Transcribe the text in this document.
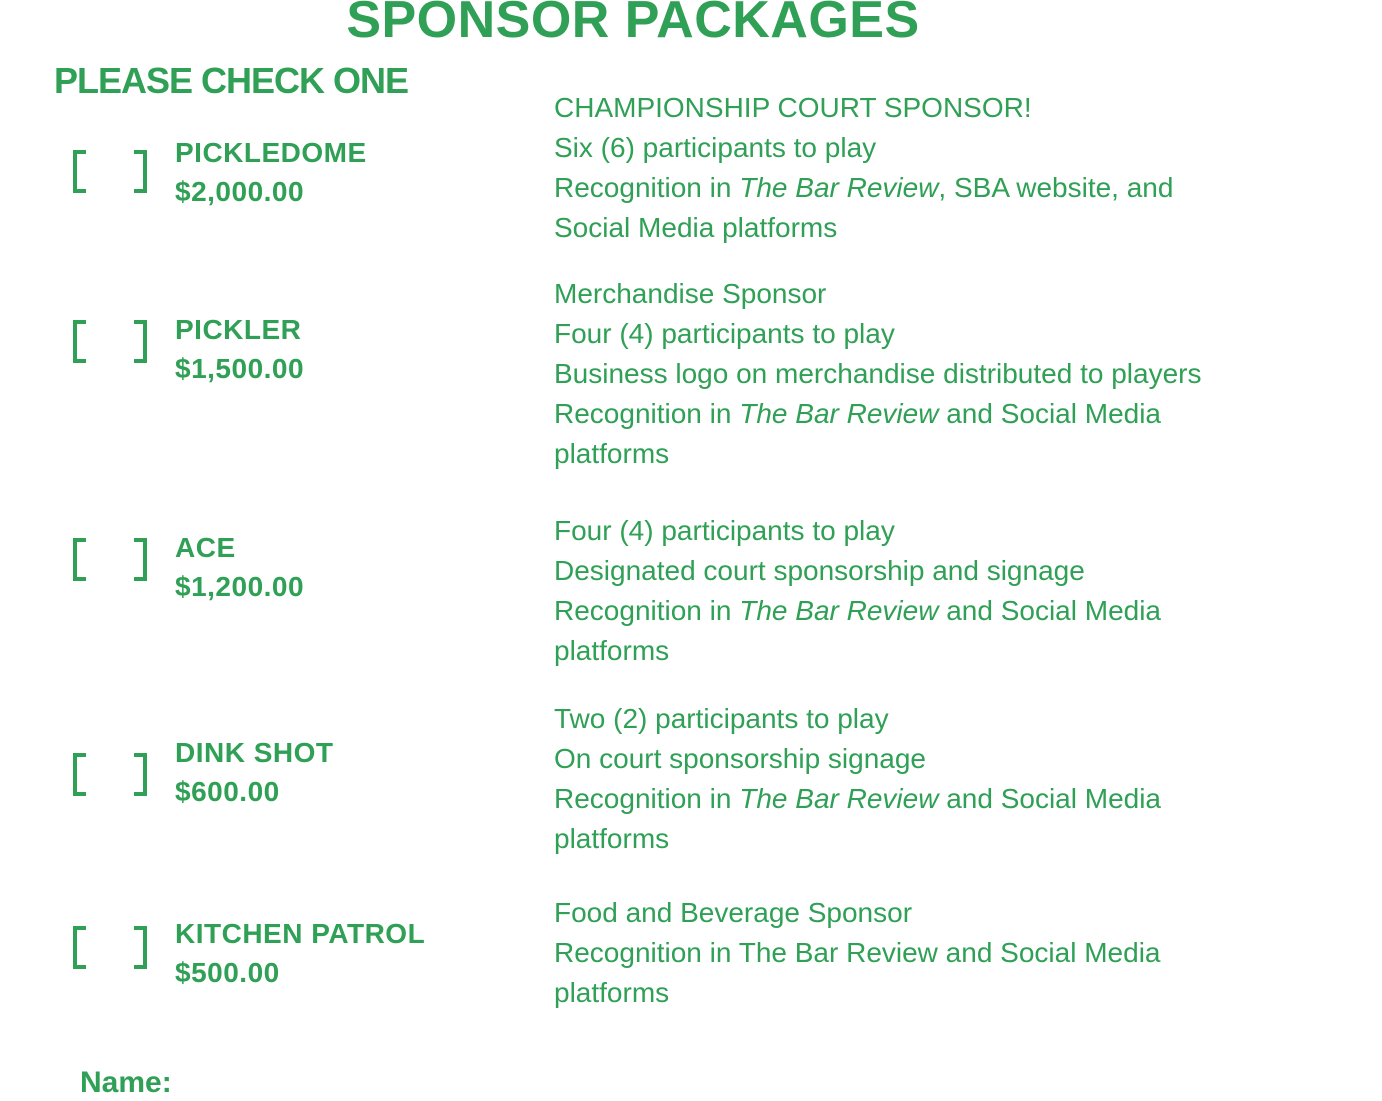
SPONSOR PACKAGES
PLEASE CHECK ONE
PICKLEDOME
$2,000.00
PICKLER
$1,500.00
ACE
$1,200.00
DINK SHOT
$600.00
KITCHEN PATROL
$500.00
CHAMPIONSHIP COURT SPONSOR!
Six (6) participants to play
Recognition in The Bar Review, SBA website, and
Social Media platforms
Merchandise Sponsor
Four (4) participants to play
Business logo on merchandise distributed to players
Recognition in The Bar Review and Social Media
platforms
Four (4) participants to play
Designated court sponsorship and signage
Recognition in The Bar Review and Social Media
platforms
Two (2) participants to play
On court sponsorship signage
Recognition in The Bar Review and Social Media
platforms
Food and Beverage Sponsor
Recognition in The Bar Review and Social Media
platforms
Name:
